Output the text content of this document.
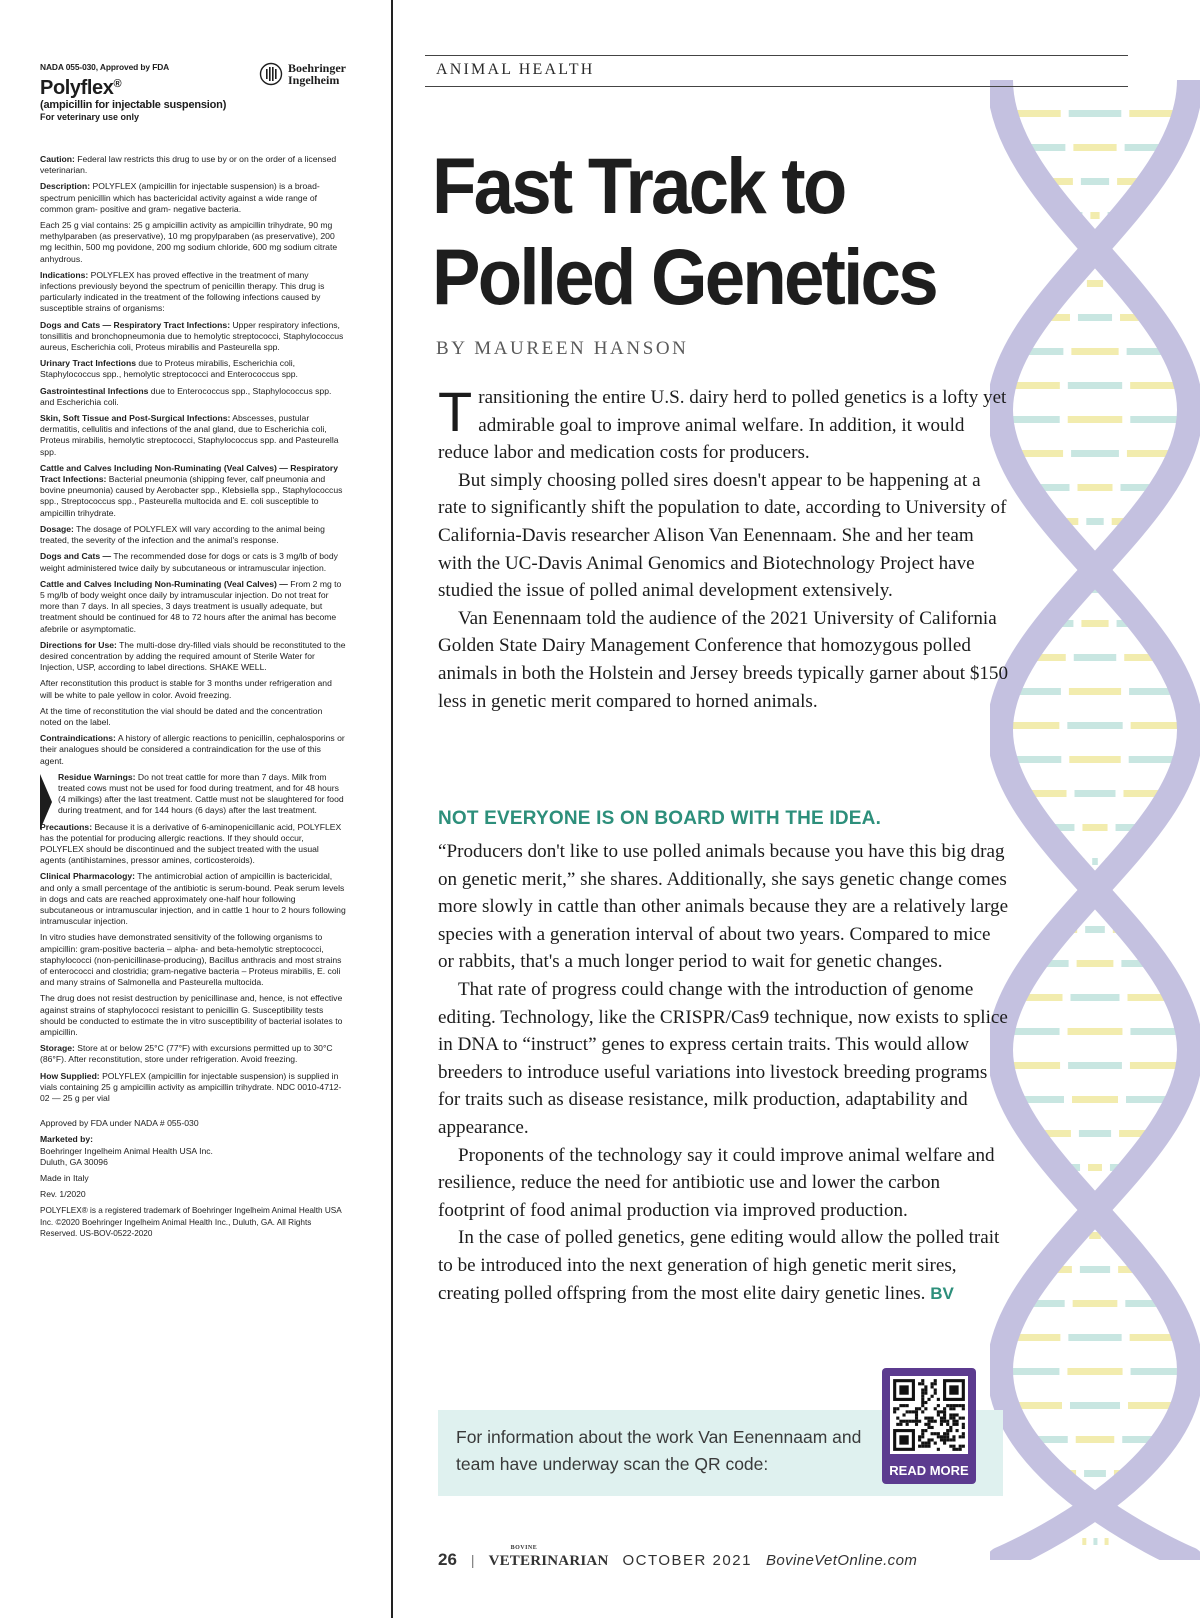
NADA 055-030, Approved by FDA
Polyflex®
(ampicillin for injectable suspension)
For veterinary use only
Boehringer
Ingelheim
Caution: Federal law restricts this drug to use by or on the order of a licensed veterinarian.
Description: POLYFLEX (ampicillin for injectable suspension) is a broad-spectrum penicillin which has bactericidal activity against a wide range of common gram- positive and gram- negative bacteria.
Each 25 g vial contains: 25 g ampicillin activity as ampicillin trihydrate, 90 mg methylparaben (as preservative), 10 mg propylparaben (as preservative), 200 mg lecithin, 500 mg povidone, 200 mg sodium chloride, 600 mg sodium citrate anhydrous.
Indications: POLYFLEX has proved effective in the treatment of many infections previously beyond the spectrum of penicillin therapy. This drug is particularly indicated in the treatment of the following infections caused by susceptible strains of organisms:
Dogs and Cats — Respiratory Tract Infections: Upper respiratory infections, tonsillitis and bronchopneumonia due to hemolytic streptococci, Staphylococcus aureus, Escherichia coli, Proteus mirabilis and Pasteurella spp.
Urinary Tract Infections due to Proteus mirabilis, Escherichia coli, Staphylococcus spp., hemolytic streptococci and Enterococcus spp.
Gastrointestinal Infections due to Enterococcus spp., Staphylococcus spp. and Escherichia coli.
Skin, Soft Tissue and Post-Surgical Infections: Abscesses, pustular dermatitis, cellulitis and infections of the anal gland, due to Escherichia coli, Proteus mirabilis, hemolytic streptococci, Staphylococcus spp. and Pasteurella spp.
Cattle and Calves Including Non-Ruminating (Veal Calves) — Respiratory Tract Infections: Bacterial pneumonia (shipping fever, calf pneumonia and bovine pneumonia) caused by Aerobacter spp., Klebsiella spp., Staphylococcus spp., Streptococcus spp., Pasteurella multocida and E. coli susceptible to ampicillin trihydrate.
Dosage: The dosage of POLYFLEX will vary according to the animal being treated, the severity of the infection and the animal's response.
Dogs and Cats — The recommended dose for dogs or cats is 3 mg/lb of body weight administered twice daily by subcutaneous or intramuscular injection.
Cattle and Calves Including Non-Ruminating (Veal Calves) — From 2 mg to 5 mg/lb of body weight once daily by intramuscular injection. Do not treat for more than 7 days. In all species, 3 days treatment is usually adequate, but treatment should be continued for 48 to 72 hours after the animal has become afebrile or asymptomatic.
Directions for Use: The multi-dose dry-filled vials should be reconstituted to the desired concentration by adding the required amount of Sterile Water for Injection, USP, according to label directions. SHAKE WELL.
After reconstitution this product is stable for 3 months under refrigeration and will be white to pale yellow in color. Avoid freezing.
At the time of reconstitution the vial should be dated and the concentration noted on the label.
Contraindications: A history of allergic reactions to penicillin, cephalosporins or their analogues should be considered a contraindication for the use of this agent.
Residue Warnings: Do not treat cattle for more than 7 days. Milk from treated cows must not be used for food during treatment, and for 48 hours (4 milkings) after the last treatment. Cattle must not be slaughtered for food during treatment, and for 144 hours (6 days) after the last treatment.
Precautions: Because it is a derivative of 6-aminopenicillanic acid, POLYFLEX has the potential for producing allergic reactions. If they should occur, POLYFLEX should be discontinued and the subject treated with the usual agents (antihistamines, pressor amines, corticosteroids).
Clinical Pharmacology: The antimicrobial action of ampicillin is bactericidal, and only a small percentage of the antibiotic is serum-bound. Peak serum levels in dogs and cats are reached approximately one-half hour following subcutaneous or intramuscular injection, and in cattle 1 hour to 2 hours following intramuscular injection.
In vitro studies have demonstrated sensitivity of the following organisms to ampicillin: gram-positive bacteria – alpha- and beta-hemolytic streptococci, staphylococci (non-penicillinase-producing), Bacillus anthracis and most strains of enterococci and clostridia; gram-negative bacteria – Proteus mirabilis, E. coli and many strains of Salmonella and Pasteurella multocida.
The drug does not resist destruction by penicillinase and, hence, is not effective against strains of staphylococci resistant to penicillin G. Susceptibility tests should be conducted to estimate the in vitro susceptibility of bacterial isolates to ampicillin.
Storage: Store at or below 25°C (77°F) with excursions permitted up to 30°C (86°F). After reconstitution, store under refrigeration. Avoid freezing.
How Supplied: POLYFLEX (ampicillin for injectable suspension) is supplied in vials containing 25 g ampicillin activity as ampicillin trihydrate. NDC 0010-4712-02 — 25 g per vial

Approved by FDA under NADA # 055-030

Marketed by:
Boehringer Ingelheim Animal Health USA Inc.
Duluth, GA 30096

Made in Italy

Rev. 1/2020

POLYFLEX® is a registered trademark of Boehringer Ingelheim Animal Health USA Inc. ©2020 Boehringer Ingelheim Animal Health Inc., Duluth, GA. All Rights Reserved. US-BOV-0522-2020

ANIMAL HEALTH
Fast Track to
Polled Genetics
BY MAUREEN HANSON

Transitioning the entire U.S. dairy herd to polled genetics is a lofty yet admirable goal to improve animal welfare. In addition, it would reduce labor and medication costs for producers.

But simply choosing polled sires doesn't appear to be happening at a rate to significantly shift the population to date, according to University of California-Davis researcher Alison Van Eenennaam. She and her team with the UC-Davis Animal Genomics and Biotechnology Project have studied the issue of polled animal development extensively.

Van Eenennaam told the audience of the 2021 University of California Golden State Dairy Management Conference that homozygous polled animals in both the Holstein and Jersey breeds typically garner about $150 less in genetic merit compared to horned animals.

NOT EVERYONE IS ON BOARD WITH THE IDEA.

“Producers don't like to use polled animals because you have this big drag on genetic merit,” she shares. Additionally, she says genetic change comes more slowly in cattle than other animals because they are a relatively large species with a generation interval of about two years. Compared to mice or rabbits, that's a much longer period to wait for genetic changes.

That rate of progress could change with the introduction of genome editing. Technology, like the CRISPR/Cas9 technique, now exists to splice in DNA to “instruct” genes to express certain traits. This would allow breeders to introduce useful variations into livestock breeding programs for traits such as disease resistance, milk production, adaptability and appearance.

Proponents of the technology say it could improve animal welfare and resilience, reduce the need for antibiotic use and lower the carbon footprint of food animal production via improved production.

In the case of polled genetics, gene editing would allow the polled trait to be introduced into the next generation of high genetic merit sires, creating polled offspring from the most elite dairy genetic lines. BV

For information about the work Van Eenennaam and team have underway scan the QR code:	READ MORE
26 |
BOVINE
VETERINARIAN OCTOBER 2021 BovineVetOnline.com
